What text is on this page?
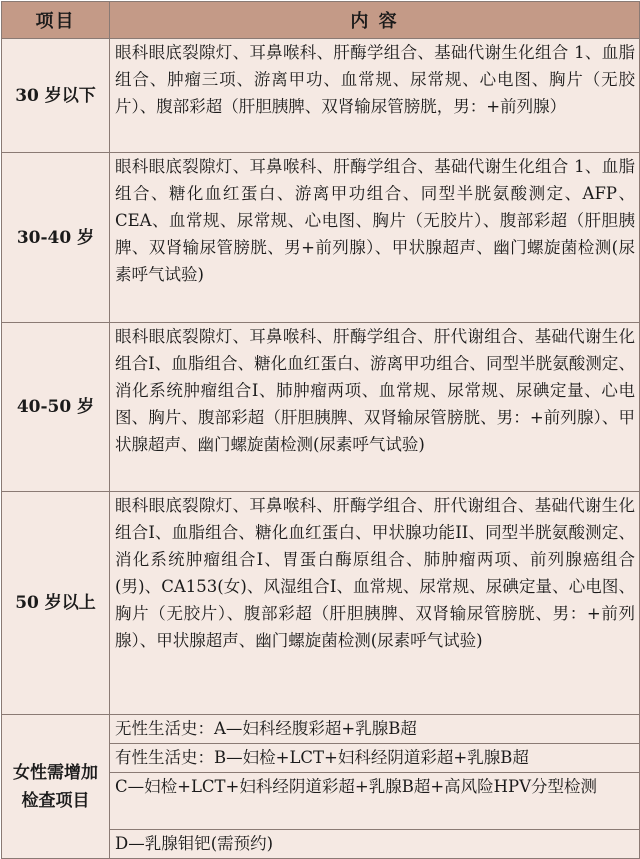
项目	内 容
30 岁以下	眼科眼底裂隙灯、耳鼻喉科、肝酶学组合、基础代谢生化组合 1、血脂组合、肿瘤三项、游离甲功、血常规、尿常规、心电图、胸片（无胶片）、腹部彩超（肝胆胰脾、双肾输尿管膀胱，男：+前列腺）
30-40 岁	眼科眼底裂隙灯、耳鼻喉科、肝酶学组合、基础代谢生化组合 1、血脂组合、糖化血红蛋白、游离甲功组合、同型半胱氨酸测定、AFP、CEA、血常规、尿常规、心电图、胸片（无胶片）、腹部彩超（肝胆胰脾、双肾输尿管膀胱、男+前列腺）、甲状腺超声、幽门螺旋菌检测(尿素呼气试验)
40-50 岁	眼科眼底裂隙灯、耳鼻喉科、肝酶学组合、肝代谢组合、基础代谢生化组合I、血脂组合、糖化血红蛋白、游离甲功组合、同型半胱氨酸测定、消化系统肿瘤组合I、肺肿瘤两项、血常规、尿常规、尿碘定量、心电图、胸片、腹部彩超（肝胆胰脾、双肾输尿管膀胱、男：+前列腺）、甲状腺超声、幽门螺旋菌检测(尿素呼气试验)
50 岁以上	眼科眼底裂隙灯、耳鼻喉科、肝酶学组合、肝代谢组合、基础代谢生化组合I、血脂组合、糖化血红蛋白、甲状腺功能II、同型半胱氨酸测定、消化系统肿瘤组合I、胃蛋白酶原组合、肺肿瘤两项、前列腺癌组合(男)、CA153(女)、风湿组合I、血常规、尿常规、尿碘定量、心电图、胸片（无胶片）、腹部彩超（肝胆胰脾、双肾输尿管膀胱、男：+前列腺）、甲状腺超声、幽门螺旋菌检测(尿素呼气试验)
女性需增加检查项目	无性生活史：A—妇科经腹彩超+乳腺B超
	有性生活史：B—妇检+LCT+妇科经阴道彩超+乳腺B超
	C—妇检+LCT+妇科经阴道彩超+乳腺B超+高风险HPV分型检测
	D—乳腺钼钯(需预约)
